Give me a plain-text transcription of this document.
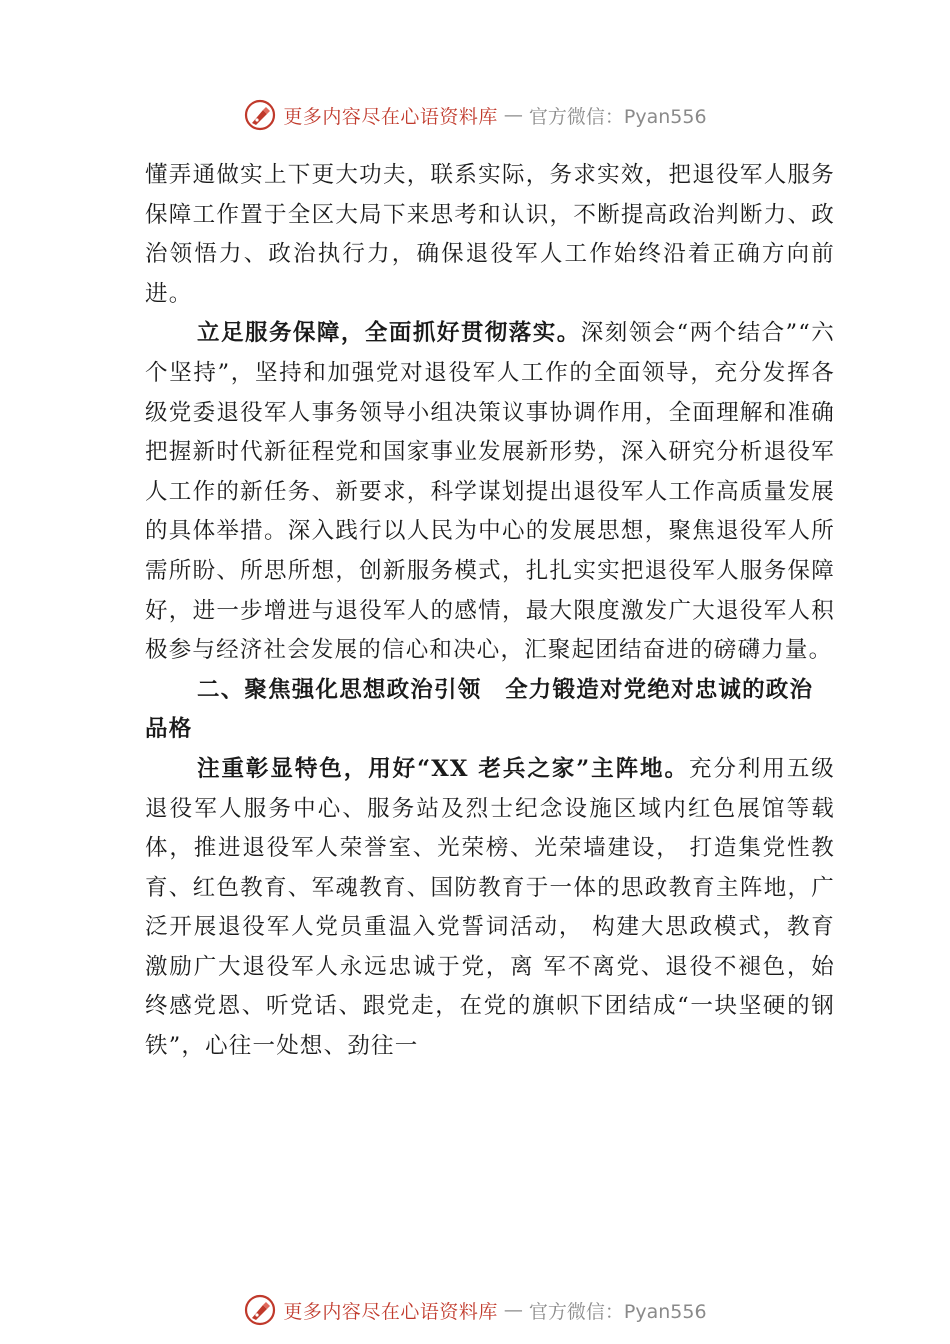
更多内容尽在心语资料库 — 官方微信：Pyan556

懂弄通做实上下更大功夫，联系实际，务求实效，把退役军人服务保障工作置于全区大局下来思考和认识，不断提高政治判断力、政治领悟力、政治执行力，确保退役军人工作始终沿着正确方向前进。

立足服务保障，全面抓好贯彻落实。深刻领会“两个结合”“六个坚持”，坚持和加强党对退役军人工作的全面领导，充分发挥各级党委退役军人事务领导小组决策议事协调作用，全面理解和准确把握新时代新征程党和国家事业发展新形势，深入研究分析退役军人工作的新任务、新要求，科学谋划提出退役军人工作高质量发展的具体举措。深入践行以人民为中心的发展思想，聚焦退役军人所需所盼、所思所想，创新服务模式，扎扎实实把退役军人服务保障好，进一步增进与退役军人的感情，最大限度激发广大退役军人积极参与经济社会发展的信心和决心，汇聚起团结奋进的磅礴力量。

二、聚焦强化思想政治引领　全力锻造对党绝对忠诚的政治品格

注重彰显特色，用好“XX 老兵之家”主阵地。充分利用五级退役军人服务中心、服务站及烈士纪念设施区域内红色展馆等载体，推进退役军人荣誉室、光荣榜、光荣墙建设， 打造集党性教育、红色教育、军魂教育、国防教育于一体的思政教育主阵地，广泛开展退役军人党员重温入党誓词活动， 构建大思政模式，教育激励广大退役军人永远忠诚于党，离 军不离党、退役不褪色，始终感党恩、听党话、跟党走，在党的旗帜下团结成“一块坚硬的钢铁”，心往一处想、劲往一

更多内容尽在心语资料库 — 官方微信：Pyan556
